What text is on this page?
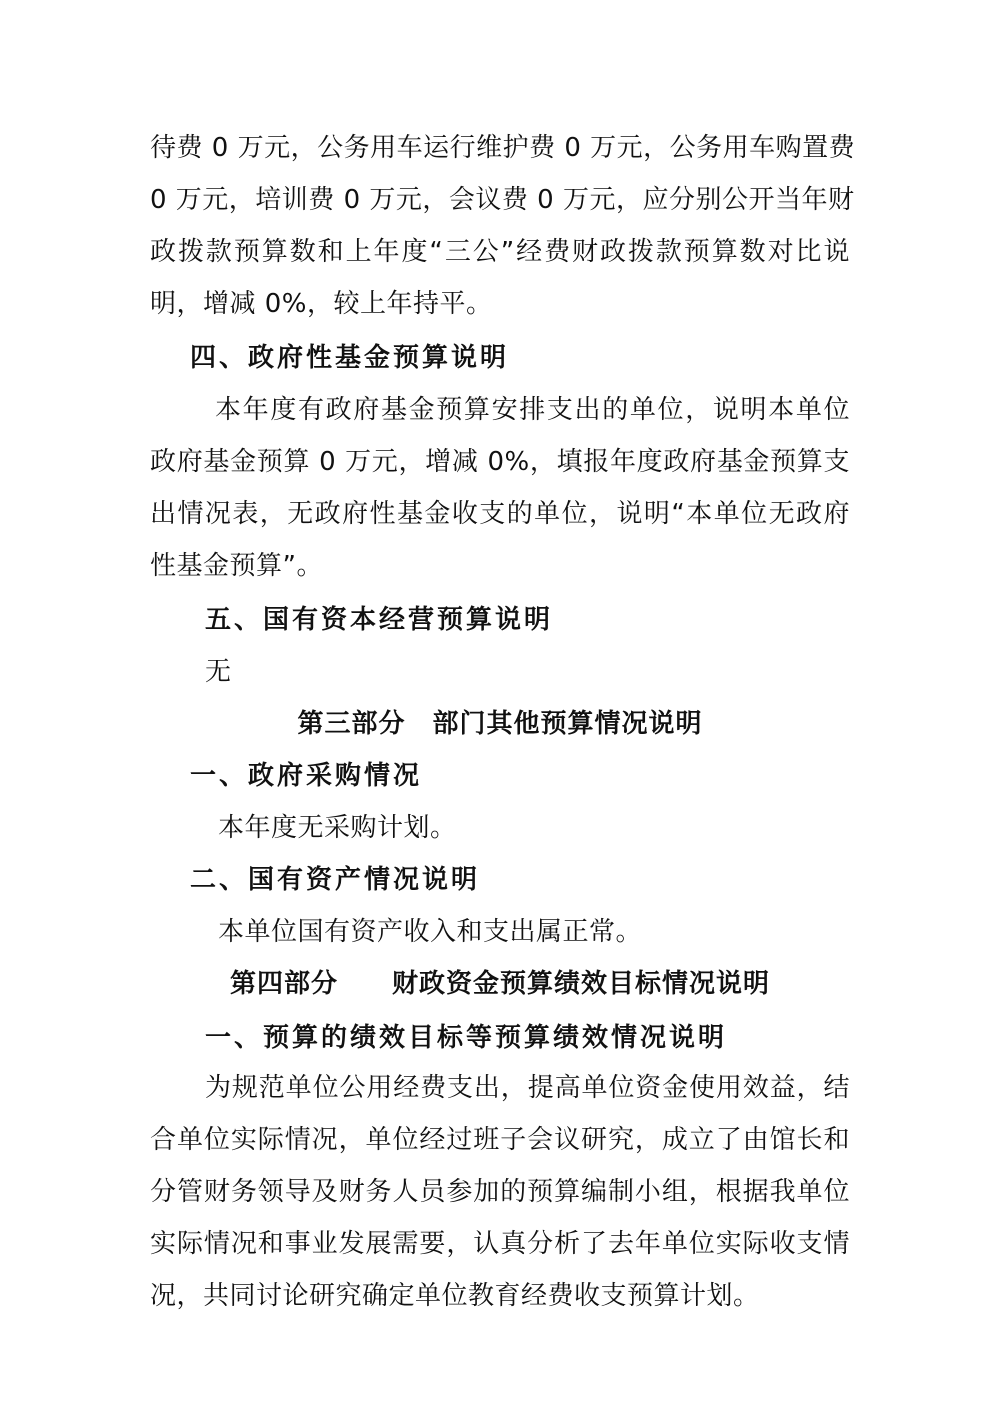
待费 0 万元，公务用车运行维护费 0 万元，公务用车购置费
0 万元，培训费 0 万元，会议费 0 万元，应分别公开当年财
政拨款预算数和上年度“三公”经费财政拨款预算数对比说
明，增减 0%，较上年持平。
四、政府性基金预算说明
本年度有政府基金预算安排支出的单位，说明本单位
政府基金预算 0 万元，增减 0%，填报年度政府基金预算支
出情况表，无政府性基金收支的单位，说明“本单位无政府
性基金预算”。
五、国有资本经营预算说明
无
第三部分　部门其他预算情况说明
一、政府采购情况
本年度无采购计划。
二、国有资产情况说明
本单位国有资产收入和支出属正常。
第四部分　　财政资金预算绩效目标情况说明
一、预算的绩效目标等预算绩效情况说明
为规范单位公用经费支出，提高单位资金使用效益，结
合单位实际情况，单位经过班子会议研究，成立了由馆长和
分管财务领导及财务人员参加的预算编制小组，根据我单位
实际情况和事业发展需要，认真分析了去年单位实际收支情
况，共同讨论研究确定单位教育经费收支预算计划。
